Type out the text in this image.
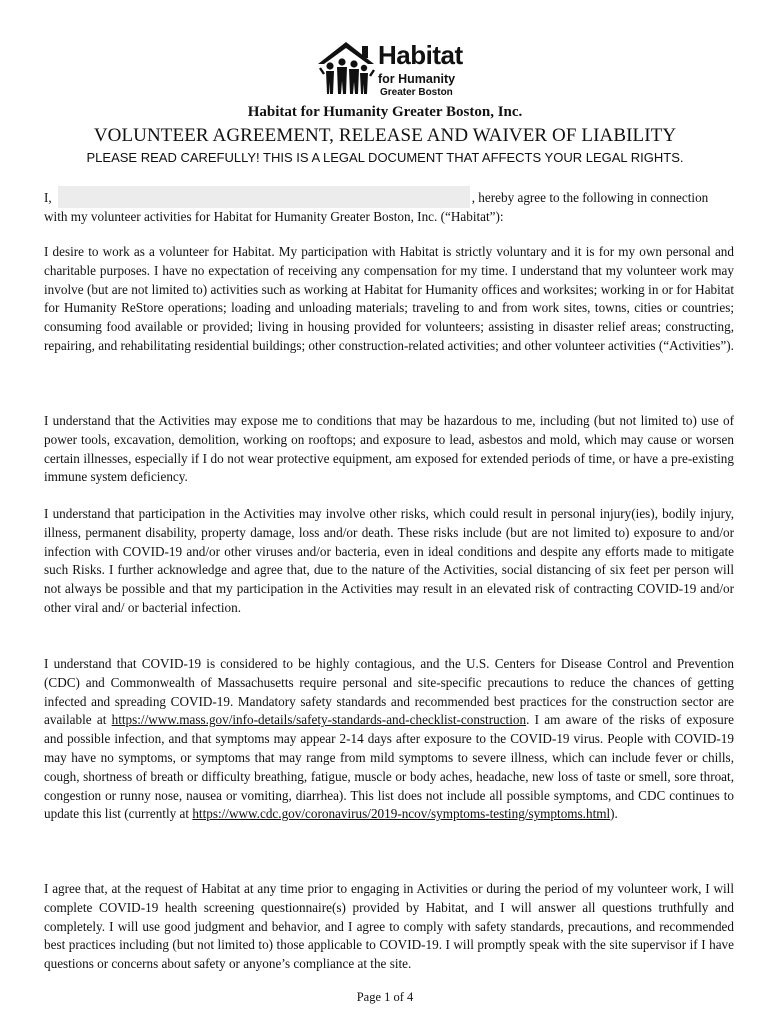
Habitat
for Humanity
Greater Boston
Habitat for Humanity Greater Boston, Inc.
VOLUNTEER AGREEMENT, RELEASE AND WAIVER OF LIABILITY
PLEASE READ CAREFULLY! THIS IS A LEGAL DOCUMENT THAT AFFECTS YOUR LEGAL RIGHTS.
I,	, hereby agree to the following in connection with my volunteer activities for Habitat for Humanity Greater Boston, Inc. (“Habitat”):

I desire to work as a volunteer for Habitat. My participation with Habitat is strictly voluntary and it is for my own personal and charitable purposes. I have no expectation of receiving any compensation for my time. I understand that my volunteer work may involve (but are not limited to) activities such as working at Habitat for Humanity offices and worksites; working in or for Habitat for Humanity ReStore operations; loading and unloading materials; traveling to and from work sites, towns, cities or countries; consuming food available or provided; living in housing provided for volunteers; assisting in disaster relief areas; constructing, repairing, and rehabilitating residential buildings; other construction-related activities; and other volunteer activities (“Activities”).

I understand that the Activities may expose me to conditions that may be hazardous to me, including (but not limited to) use of power tools, excavation, demolition, working on rooftops; and exposure to lead, asbestos and mold, which may cause or worsen certain illnesses, especially if I do not wear protective equipment, am exposed for extended periods of time, or have a pre-existing immune system deficiency.

I understand that participation in the Activities may involve other risks, which could result in personal injury(ies), bodily injury, illness, permanent disability, property damage, loss and/or death. These risks include (but are not limited to) exposure to and/or infection with COVID-19 and/or other viruses and/or bacteria, even in ideal conditions and despite any efforts made to mitigate such Risks. I further acknowledge and agree that, due to the nature of the Activities, social distancing of six feet per person will not always be possible and that my participation in the Activities may result in an elevated risk of contracting COVID-19 and/or other viral and/ or bacterial infection.

I understand that COVID-19 is considered to be highly contagious, and the U.S. Centers for Disease Control and Prevention (CDC) and Commonwealth of Massachusetts require personal and site-specific precautions to reduce the chances of getting infected and spreading COVID-19. Mandatory safety standards and recommended best practices for the construction sector are available at https://www.mass.gov/info-details/safety-standards-and-checklist-construction. I am aware of the risks of exposure and possible infection, and that symptoms may appear 2-14 days after exposure to the COVID-19 virus. People with COVID-19 may have no symptoms, or symptoms that may range from mild symptoms to severe illness, which can include fever or chills, cough, shortness of breath or difficulty breathing, fatigue, muscle or body aches, headache, new loss of taste or smell, sore throat, congestion or runny nose, nausea or vomiting, diarrhea). This list does not include all possible symptoms, and CDC continues to update this list (currently at https://www.cdc.gov/coronavirus/2019-ncov/symptoms-testing/symptoms.html).

I agree that, at the request of Habitat at any time prior to engaging in Activities or during the period of my volunteer work, I will complete COVID-19 health screening questionnaire(s) provided by Habitat, and I will answer all questions truthfully and completely. I will use good judgment and behavior, and I agree to comply with safety standards, precautions, and recommended best practices including (but not limited to) those applicable to COVID-19. I will promptly speak with the site supervisor if I have questions or concerns about safety or anyone’s compliance at the site.

Page 1 of 4
